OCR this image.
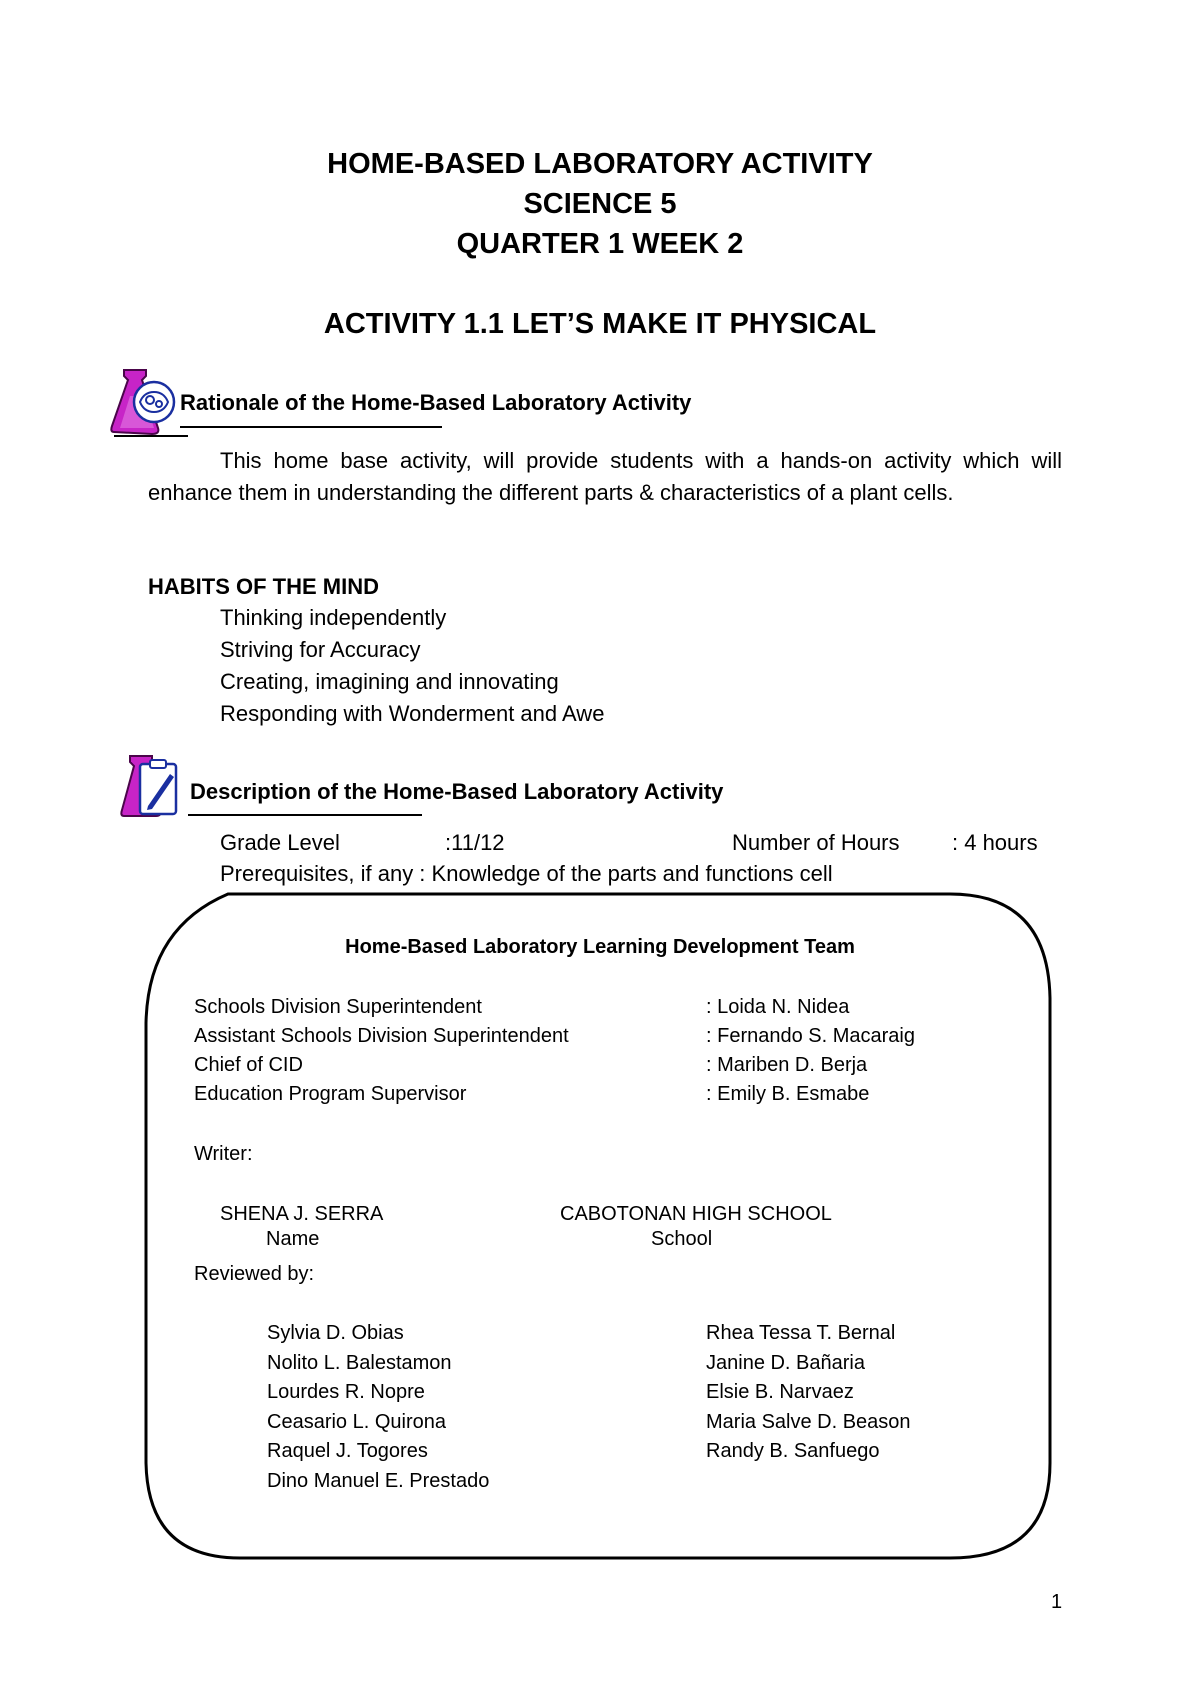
HOME-BASED LABORATORY ACTIVITY
SCIENCE 5
QUARTER 1 WEEK 2
ACTIVITY 1.1 LET’S MAKE IT PHYSICAL
Rationale of the Home-Based Laboratory Activity
This home base activity, will provide students with a hands-on activity which will enhance them in understanding the different parts & characteristics of a plant cells.
HABITS OF THE MIND
Thinking independently
Striving for Accuracy
Creating, imagining and innovating
Responding with Wonderment and Awe
Description of the Home-Based Laboratory Activity
Grade Level	:11/12	Number of Hours : 4 hours
Prerequisites, if any : Knowledge of the parts and functions cell
Home-Based Laboratory Learning Development Team
Schools Division Superintendent	: Loida N. Nidea
Assistant Schools Division Superintendent	: Fernando S. Macaraig
Chief of CID	: Mariben D. Berja
Education Program Supervisor	: Emily B. Esmabe
Writer:
SHENA J. SERRA	CABOTONAN HIGH SCHOOL
Name	School
Reviewed by:
Sylvia D. Obias
Nolito L. Balestamon
Lourdes R. Nopre
Ceasario L. Quirona
Raquel J. Togores
Dino Manuel E. Prestado
Rhea Tessa T. Bernal
Janine D. Bañaria
Elsie B. Narvaez
Maria Salve D. Beason
Randy B. Sanfuego
1
